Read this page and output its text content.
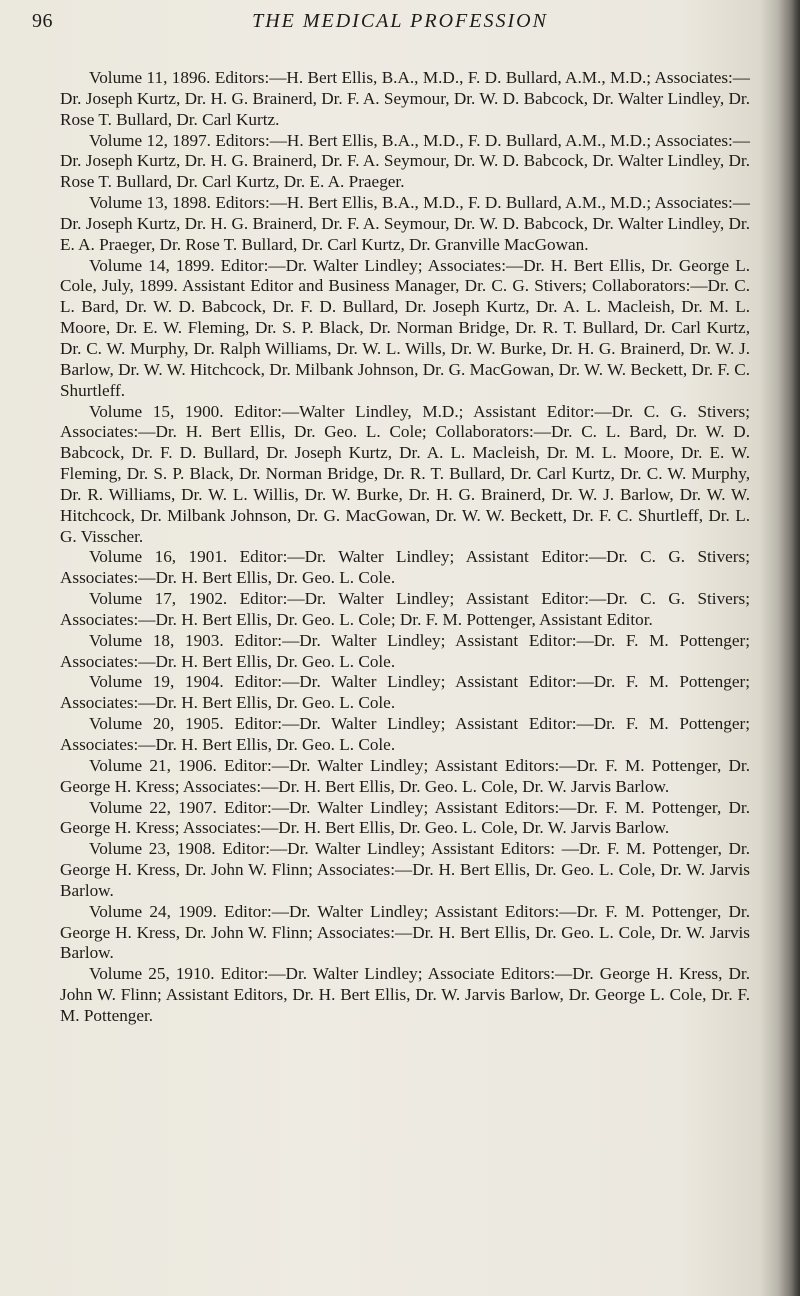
96	THE MEDICAL PROFESSION

Volume 11, 1896. Editors:—H. Bert Ellis, B.A., M.D., F. D. Bullard, A.M., M.D.; Associates:—Dr. Joseph Kurtz, Dr. H. G. Brainerd, Dr. F. A. Seymour, Dr. W. D. Babcock, Dr. Walter Lindley, Dr. Rose T. Bullard, Dr. Carl Kurtz.

Volume 12, 1897. Editors:—H. Bert Ellis, B.A., M.D., F. D. Bullard, A.M., M.D.; Associates:—Dr. Joseph Kurtz, Dr. H. G. Brainerd, Dr. F. A. Seymour, Dr. W. D. Babcock, Dr. Walter Lindley, Dr. Rose T. Bullard, Dr. Carl Kurtz, Dr. E. A. Praeger.

Volume 13, 1898. Editors:—H. Bert Ellis, B.A., M.D., F. D. Bullard, A.M., M.D.; Associates:—Dr. Joseph Kurtz, Dr. H. G. Brainerd, Dr. F. A. Seymour, Dr. W. D. Babcock, Dr. Walter Lindley, Dr. E. A. Praeger, Dr. Rose T. Bullard, Dr. Carl Kurtz, Dr. Granville MacGowan.

Volume 14, 1899. Editor:—Dr. Walter Lindley; Associates:—Dr. H. Bert Ellis, Dr. George L. Cole, July, 1899. Assistant Editor and Business Manager, Dr. C. G. Stivers; Collaborators:—Dr. C. L. Bard, Dr. W. D. Babcock, Dr. F. D. Bullard, Dr. Joseph Kurtz, Dr. A. L. Macleish, Dr. M. L. Moore, Dr. E. W. Fleming, Dr. S. P. Black, Dr. Norman Bridge, Dr. R. T. Bullard, Dr. Carl Kurtz, Dr. C. W. Murphy, Dr. Ralph Williams, Dr. W. L. Wills, Dr. W. Burke, Dr. H. G. Brainerd, Dr. W. J. Barlow, Dr. W. W. Hitchcock, Dr. Milbank Johnson, Dr. G. MacGowan, Dr. W. W. Beckett, Dr. F. C. Shurtleff.

Volume 15, 1900. Editor:—Walter Lindley, M.D.; Assistant Editor:—Dr. C. G. Stivers; Associates:—Dr. H. Bert Ellis, Dr. Geo. L. Cole; Collaborators:—Dr. C. L. Bard, Dr. W. D. Babcock, Dr. F. D. Bullard, Dr. Joseph Kurtz, Dr. A. L. Macleish, Dr. M. L. Moore, Dr. E. W. Fleming, Dr. S. P. Black, Dr. Norman Bridge, Dr. R. T. Bullard, Dr. Carl Kurtz, Dr. C. W. Murphy, Dr. R. Williams, Dr. W. L. Willis, Dr. W. Burke, Dr. H. G. Brainerd, Dr. W. J. Barlow, Dr. W. W. Hitchcock, Dr. Milbank Johnson, Dr. G. MacGowan, Dr. W. W. Beckett, Dr. F. C. Shurtleff, Dr. L. G. Visscher.

Volume 16, 1901. Editor:—Dr. Walter Lindley; Assistant Editor:—Dr. C. G. Stivers; Associates:—Dr. H. Bert Ellis, Dr. Geo. L. Cole.

Volume 17, 1902. Editor:—Dr. Walter Lindley; Assistant Editor:—Dr. C. G. Stivers; Associates:—Dr. H. Bert Ellis, Dr. Geo. L. Cole; Dr. F. M. Pottenger, Assistant Editor.

Volume 18, 1903. Editor:—Dr. Walter Lindley; Assistant Editor:—Dr. F. M. Pottenger; Associates:—Dr. H. Bert Ellis, Dr. Geo. L. Cole.

Volume 19, 1904. Editor:—Dr. Walter Lindley; Assistant Editor:—Dr. F. M. Pottenger; Associates:—Dr. H. Bert Ellis, Dr. Geo. L. Cole.

Volume 20, 1905. Editor:—Dr. Walter Lindley; Assistant Editor:—Dr. F. M. Pottenger; Associates:—Dr. H. Bert Ellis, Dr. Geo. L. Cole.

Volume 21, 1906. Editor:—Dr. Walter Lindley; Assistant Editors:—Dr. F. M. Pottenger, Dr. George H. Kress; Associates:—Dr. H. Bert Ellis, Dr. Geo. L. Cole, Dr. W. Jarvis Barlow.

Volume 22, 1907. Editor:—Dr. Walter Lindley; Assistant Editors:—Dr. F. M. Pottenger, Dr. George H. Kress; Associates:—Dr. H. Bert Ellis, Dr. Geo. L. Cole, Dr. W. Jarvis Barlow.

Volume 23, 1908. Editor:—Dr. Walter Lindley; Assistant Editors: —Dr. F. M. Pottenger, Dr. George H. Kress, Dr. John W. Flinn; Associates:—Dr. H. Bert Ellis, Dr. Geo. L. Cole, Dr. W. Jarvis Barlow.

Volume 24, 1909. Editor:—Dr. Walter Lindley; Assistant Editors:—Dr. F. M. Pottenger, Dr. George H. Kress, Dr. John W. Flinn; Associates:—Dr. H. Bert Ellis, Dr. Geo. L. Cole, Dr. W. Jarvis Barlow.

Volume 25, 1910. Editor:—Dr. Walter Lindley; Associate Editors:—Dr. George H. Kress, Dr. John W. Flinn; Assistant Editors, Dr. H. Bert Ellis, Dr. W. Jarvis Barlow, Dr. George L. Cole, Dr. F. M. Pottenger.
